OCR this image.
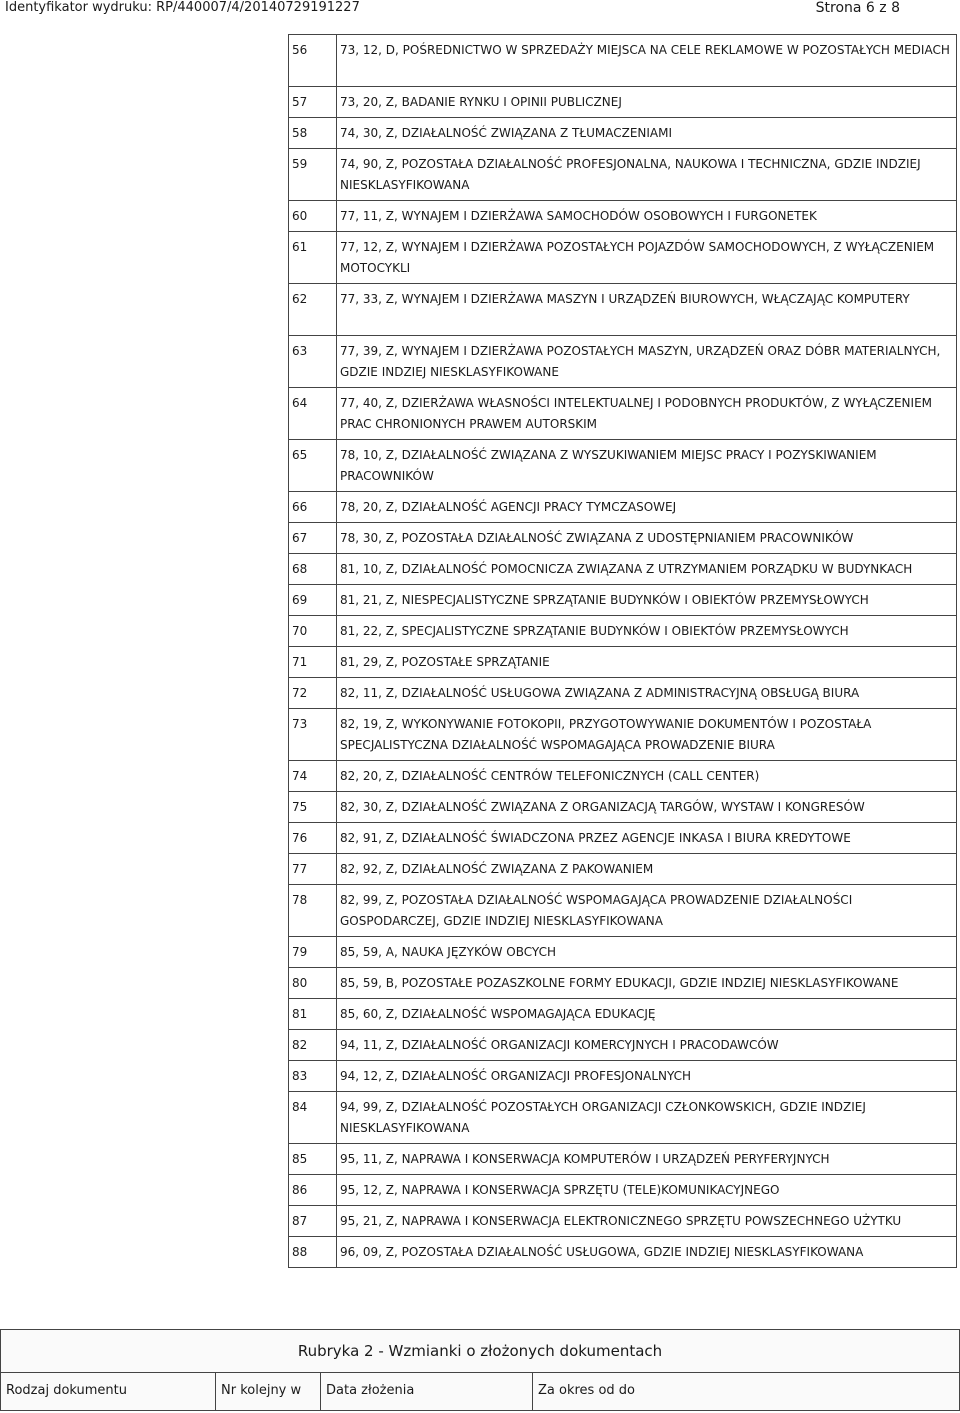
Identyfikator wydruku: RP/440007/4/20140729191227	Strona 6 z 8
56	73, 12, D, POŚREDNICTWO W SPRZEDAŻY MIEJSCA NA CELE REKLAMOWE W POZOSTAŁYCH MEDIACH
57	73, 20, Z, BADANIE RYNKU I OPINII PUBLICZNEJ
58	74, 30, Z, DZIAŁALNOŚĆ ZWIĄZANA Z TŁUMACZENIAMI
59	74, 90, Z, POZOSTAŁA DZIAŁALNOŚĆ PROFESJONALNA, NAUKOWA I TECHNICZNA, GDZIE INDZIEJ NIESKLASYFIKOWANA
60	77, 11, Z, WYNAJEM I DZIERŻAWA SAMOCHODÓW OSOBOWYCH I FURGONETEK
61	77, 12, Z, WYNAJEM I DZIERŻAWA POZOSTAŁYCH POJAZDÓW SAMOCHODOWYCH, Z WYŁĄCZENIEM MOTOCYKLI
62	77, 33, Z, WYNAJEM I DZIERŻAWA MASZYN I URZĄDZEŃ BIUROWYCH, WŁĄCZAJĄC KOMPUTERY
63	77, 39, Z, WYNAJEM I DZIERŻAWA POZOSTAŁYCH MASZYN, URZĄDZEŃ ORAZ DÓBR MATERIALNYCH, GDZIE INDZIEJ NIESKLASYFIKOWANE
64	77, 40, Z, DZIERŻAWA WŁASNOŚCI INTELEKTUALNEJ I PODOBNYCH PRODUKTÓW, Z WYŁĄCZENIEM PRAC CHRONIONYCH PRAWEM AUTORSKIM
65	78, 10, Z, DZIAŁALNOŚĆ ZWIĄZANA Z WYSZUKIWANIEM MIEJSC PRACY I POZYSKIWANIEM PRACOWNIKÓW
66	78, 20, Z, DZIAŁALNOŚĆ AGENCJI PRACY TYMCZASOWEJ
67	78, 30, Z, POZOSTAŁA DZIAŁALNOŚĆ ZWIĄZANA Z UDOSTĘPNIANIEM PRACOWNIKÓW
68	81, 10, Z, DZIAŁALNOŚĆ POMOCNICZA ZWIĄZANA Z UTRZYMANIEM PORZĄDKU W BUDYNKACH
69	81, 21, Z, NIESPECJALISTYCZNE SPRZĄTANIE BUDYNKÓW I OBIEKTÓW PRZEMYSŁOWYCH
70	81, 22, Z, SPECJALISTYCZNE SPRZĄTANIE BUDYNKÓW I OBIEKTÓW PRZEMYSŁOWYCH
71	81, 29, Z, POZOSTAŁE SPRZĄTANIE
72	82, 11, Z, DZIAŁALNOŚĆ USŁUGOWA ZWIĄZANA Z ADMINISTRACYJNĄ OBSŁUGĄ BIURA
73	82, 19, Z, WYKONYWANIE FOTOKOPII, PRZYGOTOWYWANIE DOKUMENTÓW I POZOSTAŁA SPECJALISTYCZNA DZIAŁALNOŚĆ WSPOMAGAJĄCA PROWADZENIE BIURA
74	82, 20, Z, DZIAŁALNOŚĆ CENTRÓW TELEFONICZNYCH (CALL CENTER)
75	82, 30, Z, DZIAŁALNOŚĆ ZWIĄZANA Z ORGANIZACJĄ TARGÓW, WYSTAW I KONGRESÓW
76	82, 91, Z, DZIAŁALNOŚĆ ŚWIADCZONA PRZEZ AGENCJE INKASA I BIURA KREDYTOWE
77	82, 92, Z, DZIAŁALNOŚĆ ZWIĄZANA Z PAKOWANIEM
78	82, 99, Z, POZOSTAŁA DZIAŁALNOŚĆ WSPOMAGAJĄCA PROWADZENIE DZIAŁALNOŚCI GOSPODARCZEJ, GDZIE INDZIEJ NIESKLASYFIKOWANA
79	85, 59, A, NAUKA JĘZYKÓW OBCYCH
80	85, 59, B, POZOSTAŁE POZASZKOLNE FORMY EDUKACJI, GDZIE INDZIEJ NIESKLASYFIKOWANE
81	85, 60, Z, DZIAŁALNOŚĆ WSPOMAGAJĄCA EDUKACJĘ
82	94, 11, Z, DZIAŁALNOŚĆ ORGANIZACJI KOMERCYJNYCH I PRACODAWCÓW
83	94, 12, Z, DZIAŁALNOŚĆ ORGANIZACJI PROFESJONALNYCH
84	94, 99, Z, DZIAŁALNOŚĆ POZOSTAŁYCH ORGANIZACJI CZŁONKOWSKICH, GDZIE INDZIEJ NIESKLASYFIKOWANA
85	95, 11, Z, NAPRAWA I KONSERWACJA KOMPUTERÓW I URZĄDZEŃ PERYFERYJNYCH
86	95, 12, Z, NAPRAWA I KONSERWACJA SPRZĘTU (TELE)KOMUNIKACYJNEGO
87	95, 21, Z, NAPRAWA I KONSERWACJA ELEKTRONICZNEGO SPRZĘTU POWSZECHNEGO UŻYTKU
88	96, 09, Z, POZOSTAŁA DZIAŁALNOŚĆ USŁUGOWA, GDZIE INDZIEJ NIESKLASYFIKOWANA
Rubryka 2 - Wzmianki o złożonych dokumentach
Rodzaj dokumentu	Nr kolejny w	Data złożenia	Za okres od do
